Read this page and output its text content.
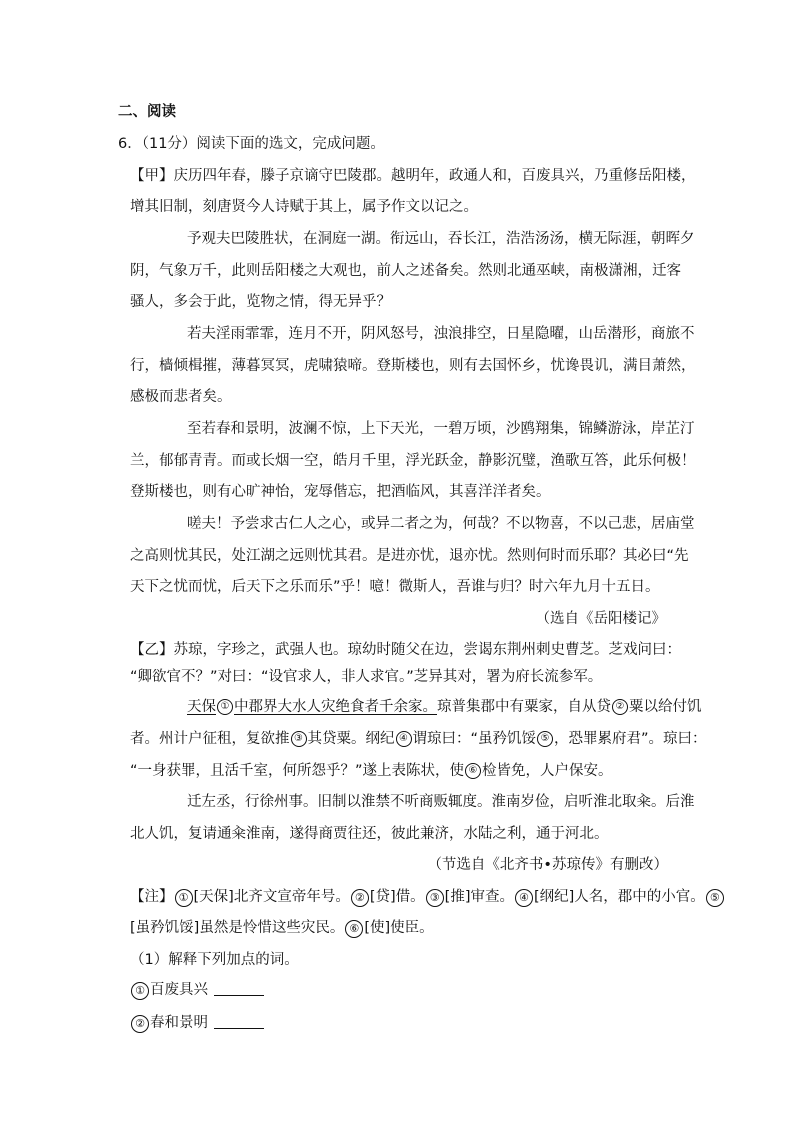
二、阅读
6．（11分）阅读下面的选文，完成问题。
【甲】庆历四年春，滕子京谪守巴陵郡。越明年，政通人和，百废具兴，乃重修岳阳楼，
增其旧制，刻唐贤今人诗赋于其上，属予作文以记之。
予观夫巴陵胜状，在洞庭一湖。衔远山，吞长江，浩浩汤汤，横无际涯，朝晖夕
阴，气象万千，此则岳阳楼之大观也，前人之述备矣。然则北通巫峡，南极潇湘，迁客
骚人，多会于此，览物之情，得无异乎？
若夫淫雨霏霏，连月不开，阴风怒号，浊浪排空，日星隐曜，山岳潜形，商旅不
行，樯倾楫摧，薄暮冥冥，虎啸猿啼。登斯楼也，则有去国怀乡，忧谗畏讥，满目萧然，
感极而悲者矣。
至若春和景明，波澜不惊，上下天光，一碧万顷，沙鸥翔集，锦鳞游泳，岸芷汀
兰，郁郁青青。而或长烟一空，皓月千里，浮光跃金，静影沉璧，渔歌互答，此乐何极！
登斯楼也，则有心旷神怡，宠辱偕忘，把酒临风，其喜洋洋者矣。
嗟夫！予尝求古仁人之心，或异二者之为，何哉？不以物喜，不以己悲，居庙堂
之高则忧其民，处江湖之远则忧其君。是进亦忧，退亦忧。然则何时而乐耶？其必曰“先
天下之忧而忧，后天下之乐而乐”乎！噫！微斯人，吾谁与归？时六年九月十五日。
（选自《岳阳楼记》
【乙】苏琼，字珍之，武强人也。琼幼时随父在边，尝谒东荆州刺史曹芝。芝戏问曰：
“卿欲官不？”对曰：“设官求人，非人求官。”芝异其对，署为府长流参军。
天保 ① 中郡界大水人灾绝食者千余家。琼普集郡中有粟家，自从贷 ② 粟以给付饥
者。州计户征租，复欲推 ③ 其贷粟。纲纪 ④ 谓琼曰：“虽矜饥馁 ⑤ ，恐罪累府君”。琼曰：
“一身获罪，且活千室，何所怨乎？”遂上表陈状，使 ⑥ 检皆免，人户保安。
迁左丞，行徐州事。旧制以淮禁不听商贩辄度。淮南岁俭，启听淮北取籴。后淮
北人饥，复请通籴淮南，遂得商贾往还，彼此兼济，水陆之利，通于河北。
（节选自《北齐书•苏琼传》有删改）
【注】 ① [天保]北齐文宣帝年号。 ② [贷]借。 ③ [推]审查。 ④ [纲纪]人名，郡中的小官。 ⑤
[虽矜饥馁]虽然是怜惜这些灾民。 ⑥ [使]使臣。
（1）解释下列加点的词。
① 百废具兴
② 春和景明
